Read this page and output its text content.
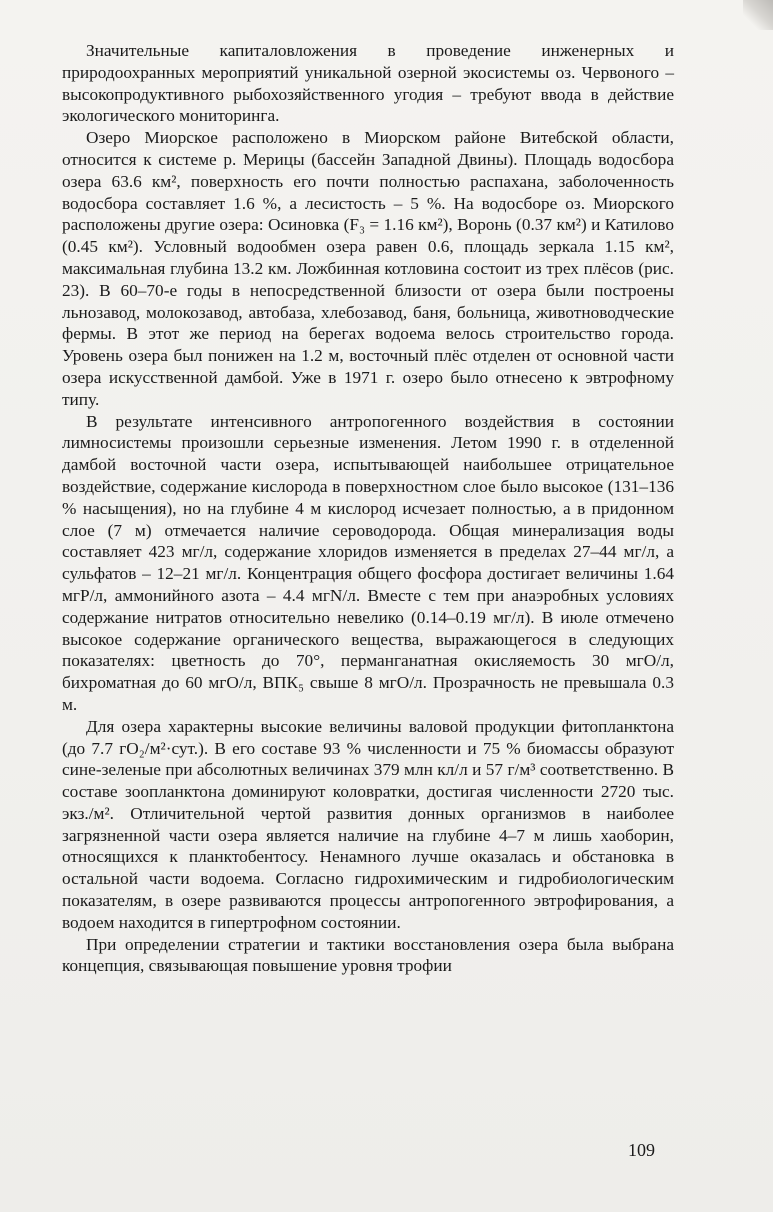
Значительные капиталовложения в проведение инженерных и природоохранных мероприятий уникальной озерной экосистемы оз. Червоного – высокопродуктивного рыбохозяйственного угодия – требуют ввода в действие экологического мониторинга.

Озеро Миорское расположено в Миорском районе Витебской области, относится к системе р. Мерицы (бассейн Западной Двины). Площадь водосбора озера 63.6 км², поверхность его почти полностью распахана, заболоченность водосбора составляет 1.6 %, а лесистость – 5 %. На водосборе оз. Миорского расположены другие озера: Осиновка (F₃ = 1.16 км²), Воронь (0.37 км²) и Катилово (0.45 км²). Условный водообмен озера равен 0.6, площадь зеркала 1.15 км², максимальная глубина 13.2 км. Ложбинная котловина состоит из трех плёсов (рис. 23). В 60–70-е годы в непосредственной близости от озера были построены льнозавод, молокозавод, автобаза, хлебозавод, баня, больница, животноводческие фермы. В этот же период на берегах водоема велось строительство города. Уровень озера был понижен на 1.2 м, восточный плёс отделен от основной части озера искусственной дамбой. Уже в 1971 г. озеро было отнесено к эвтрофному типу.

В результате интенсивного антропогенного воздействия в состоянии лимносистемы произошли серьезные изменения. Летом 1990 г. в отделенной дамбой восточной части озера, испытывающей наибольшее отрицательное воздействие, содержание кислорода в поверхностном слое было высокое (131–136 % насыщения), но на глубине 4 м кислород исчезает полностью, а в придонном слое (7 м) отмечается наличие сероводорода. Общая минерализация воды составляет 423 мг/л, содержание хлоридов изменяется в пределах 27–44 мг/л, а сульфатов – 12–21 мг/л. Концентрация общего фосфора достигает величины 1.64 мгР/л, аммонийного азота – 4.4 мгN/л. Вместе с тем при анаэробных условиях содержание нитратов относительно невелико (0.14–0.19 мг/л). В июле отмечено высокое содержание органического вещества, выражающегося в следующих показателях: цветность до 70°, перманганатная окисляемость 30 мгО/л, бихроматная до 60 мгО/л, ВПК₅ свыше 8 мгО/л. Прозрачность не превышала 0.3 м.

Для озера характерны высокие величины валовой продукции фитопланктона (до 7.7 гО₂/м²·сут.). В его составе 93 % численности и 75 % биомассы образуют сине-зеленые при абсолютных величинах 379 млн кл/л и 57 г/м³ соответственно. В составе зоопланктона доминируют коловратки, достигая численности 2720 тыс. экз./м². Отличительной чертой развития донных организмов в наиболее загрязненной части озера является наличие на глубине 4–7 м лишь хаоборин, относящихся к планктобентосу. Ненамного лучше оказалась и обстановка в остальной части водоема. Согласно гидрохимическим и гидробиологическим показателям, в озере развиваются процессы антропогенного эвтрофирования, а водоем находится в гипертрофном состоянии.

При определении стратегии и тактики восстановления озера была выбрана концепция, связывающая повышение уровня трофии

109
